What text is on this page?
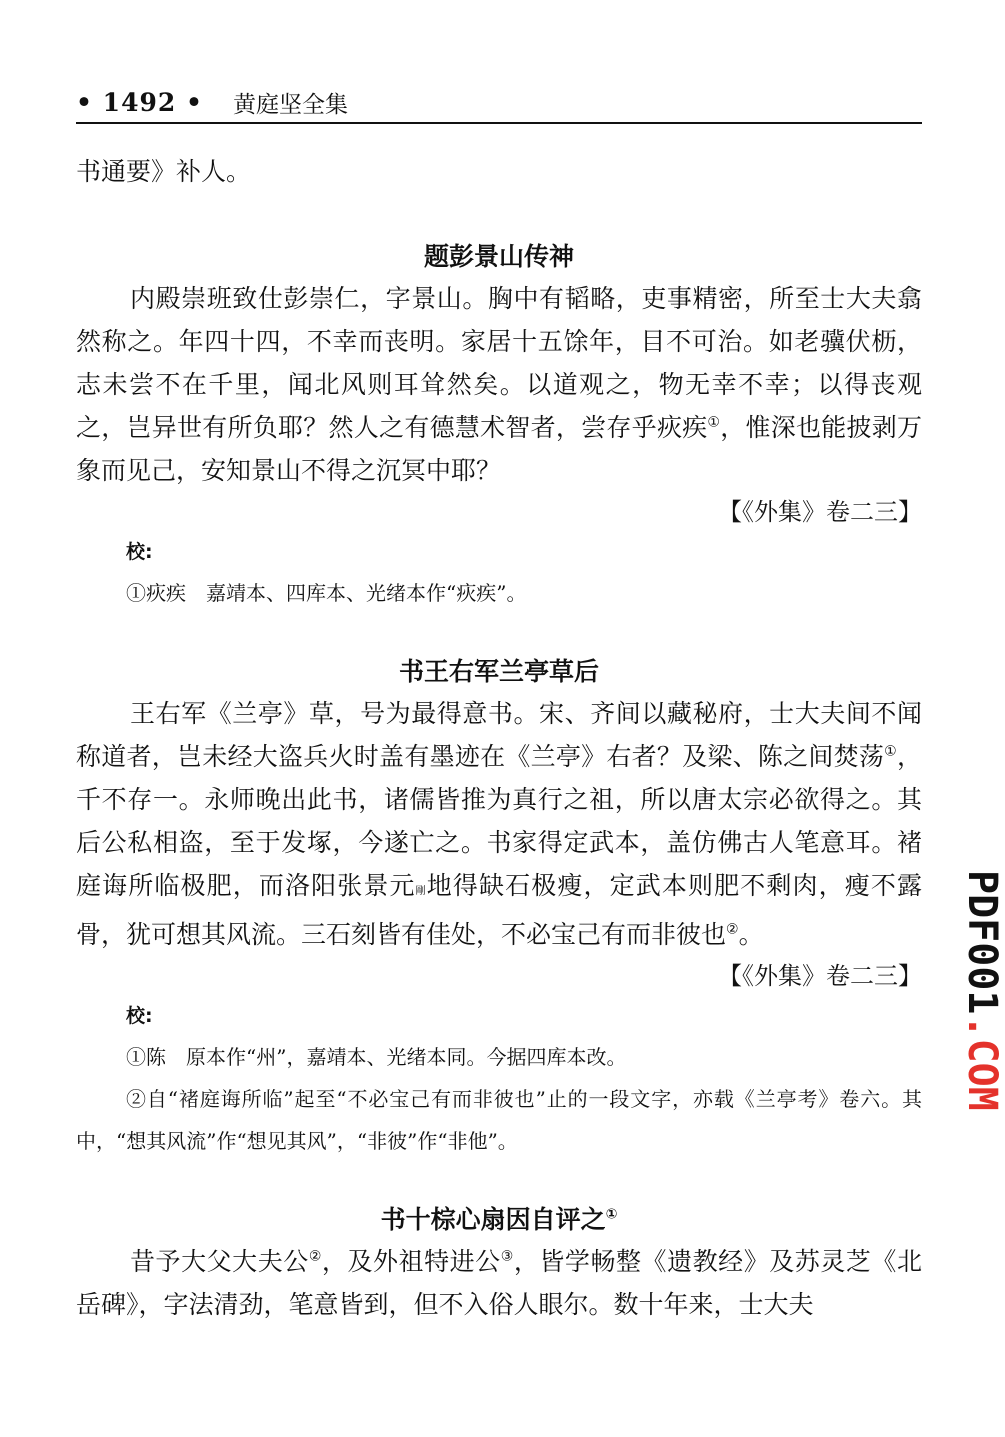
• 1492 • 黄庭坚全集

书通要》补人。

题彭景山传神

内殿崇班致仕彭崇仁，字景山。胸中有韬略，吏事精密，所至士大夫翕然称之。年四十四，不幸而丧明。家居十五馀年，目不可治。如老骥伏枥，志未尝不在千里，闻北风则耳耸然矣。以道观之，物无幸不幸；以得丧观之，岂异世有所负耶？然人之有德慧术智者，尝存乎疢疾①，惟深也能披剥万象而见己，安知景山不得之沉冥中耶？

【《外集》卷二三】

校:

①疢疾　嘉靖本、四库本、光绪本作“疢疾”。

书王右军兰亭草后

王右军《兰亭》草，号为最得意书。宋、齐间以藏秘府，士大夫间不闻称道者，岂未经大盗兵火时盖有墨迹在《兰亭》右者？及梁、陈之间焚荡①，千不存一。永师晚出此书，诸儒皆推为真行之祖，所以唐太宗必欲得之。其后公私相盗，至于发塚，今遂亡之。书家得定武本，盖仿佛古人笔意耳。褚庭诲所临极肥，而洛阳张景元剛地得缺石极瘦，定武本则肥不剩肉，瘦不露骨，犹可想其风流。三石刻皆有佳处，不必宝己有而非彼也②。

【《外集》卷二三】

校:

①陈　原本作“州”，嘉靖本、光绪本同。今据四库本改。

②自“褚庭诲所临”起至“不必宝己有而非彼也”止的一段文字，亦载《兰亭考》卷六。其中，“想其风流”作“想见其风”，“非彼”作“非他”。

书十棕心扇因自评之①

昔予大父大夫公②，及外祖特进公③，皆学畅整《遗教经》及苏灵芝《北岳碑》，字法清劲，笔意皆到，但不入俗人眼尔。数十年来，士大夫

PDF001.COM
